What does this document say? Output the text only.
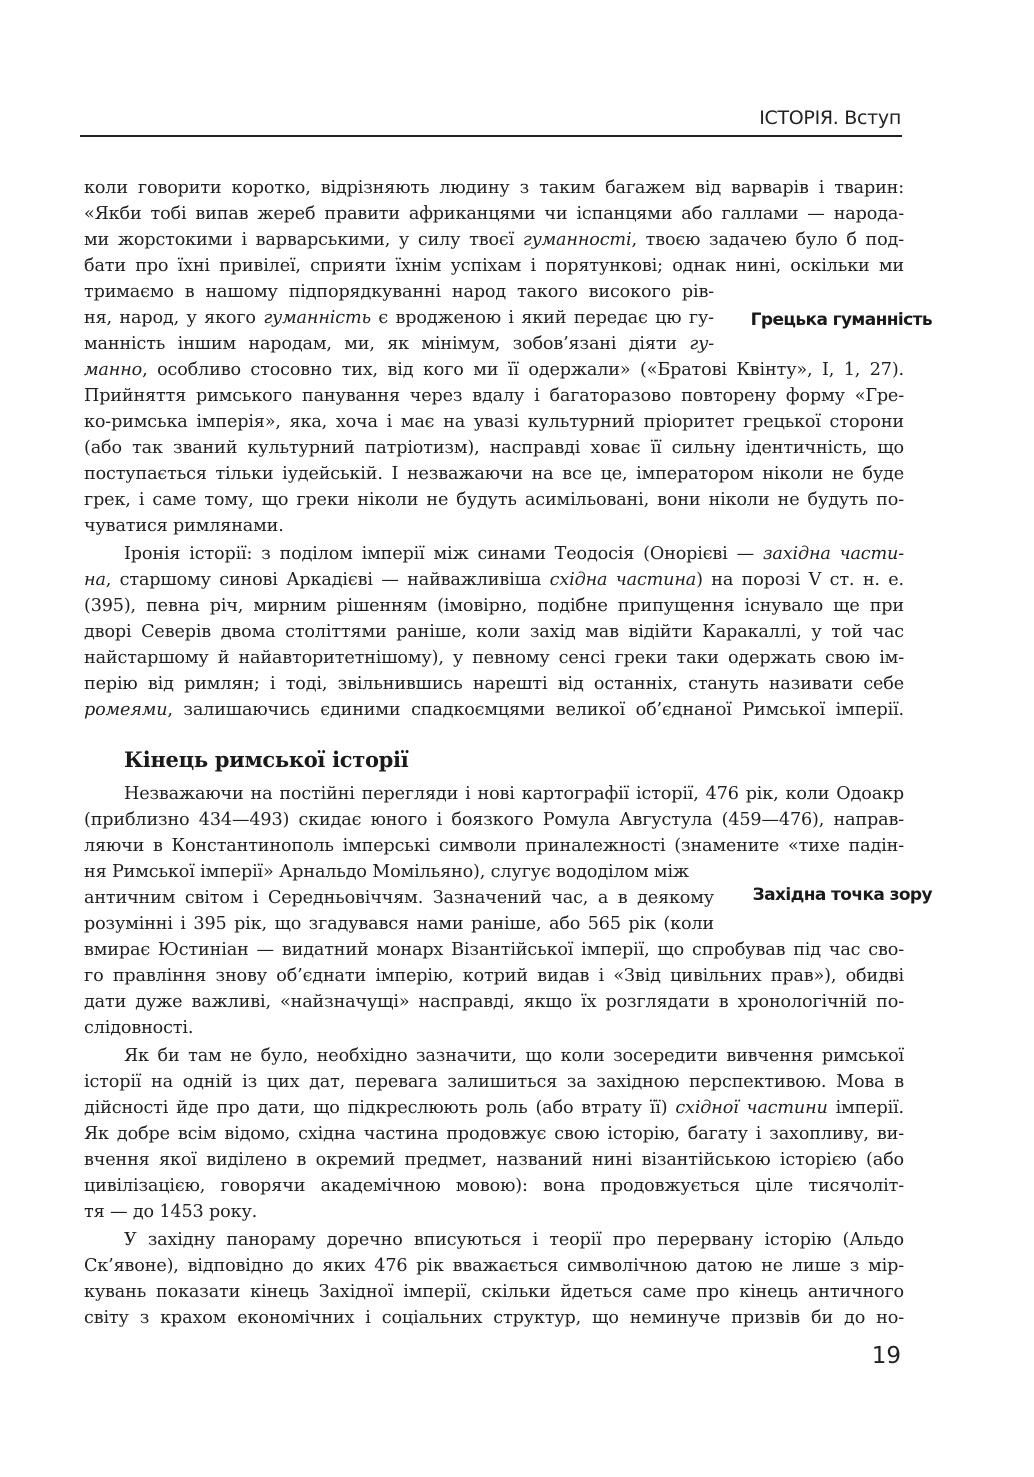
ІСТОРІЯ. Вступ
коли говорити коротко, відрізняють людину з таким багажем від варварів і тварин:
«Якби тобі випав жереб правити африканцями чи іспанцями або галлами — народа-
ми жорстокими і варварськими, у силу твоєї гуманності, твоєю задачею було б под-
бати про їхні привілеї, сприяти їхнім успіхам і порятункові; однак нині, оскільки ми
тримаємо в нашому підпорядкуванні народ такого високого рів-
ня, народ, у якого гуманність є вродженою і який передає цю гу-
манність іншим народам, ми, як мінімум, зобов’язані діяти гу-
манно, особливо стосовно тих, від кого ми її одержали» («Братові Квінту», І, 1, 27).
Прийняття римського панування через вдалу і багаторазово повторену форму «Гре-
ко-римська імперія», яка, хоча і має на увазі культурний пріоритет грецької сторони
(або так званий культурний патріотизм), насправді ховає її сильну ідентичність, що
поступається тільки іудейській. І незважаючи на все це, імператором ніколи не буде
грек, і саме тому, що греки ніколи не будуть асимільовані, вони ніколи не будуть по-
чуватися римлянами.
Грецька гуманність
Іронія історії: з поділом імперії між синами Теодосія (Онорієві — західна части-
на, старшому синові Аркадієві — найважливіша східна частина) на порозі V ст. н. е.
(395), певна річ, мирним рішенням (імовірно, подібне припущення існувало ще при
дворі Северів двома століттями раніше, коли захід мав відійти Каракаллі, у той час
найстаршому й найавторитетнішому), у певному сенсі греки таки одержать свою ім-
перію від римлян; і тоді, звільнившись нарешті від останніх, стануть називати себе
ромеями, залишаючись єдиними спадкоємцями великої об’єднаної Римської імперії.
Кінець римської історії
Незважаючи на постійні перегляди і нові картографії історії, 476 рік, коли Одоакр
(приблизно 434—493) скидає юного і боязкого Ромула Августула (459—476), направ-
ляючи в Константинополь імперські символи приналежності (знамените «тихе падін-
ня Римської імперії» Арнальдо Момільяно), слугує вододілом між
античним світом і Середньовіччям. Зазначений час, а в деякому
розумінні і 395 рік, що згадувався нами раніше, або 565 рік (коли
вмирає Юстиніан — видатний монарх Візантійської імперії, що спробував під час сво-
го правління знову об’єднати імперію, котрий видав і «Звід цивільних прав»), обидві
дати дуже важливі, «найзначущі» насправді, якщо їх розглядати в хронологічній по-
слідовності.
Західна точка зору
Як би там не було, необхідно зазначити, що коли зосередити вивчення римської
історії на одній із цих дат, перевага залишиться за західною перспективою. Мова в
дійсності йде про дати, що підкреслюють роль (або втрату її) східної частини імперії.
Як добре всім відомо, східна частина продовжує свою історію, багату і захопливу, ви-
вчення якої виділено в окремий предмет, названий нині візантійською історією (або
цивілізацією, говорячи академічною мовою): вона продовжується ціле тисячоліт-
тя — до 1453 року.
У західну панораму доречно вписуються і теорії про перервану історію (Альдо
Ск’явоне), відповідно до яких 476 рік вважається символічною датою не лише з мір-
кувань показати кінець Західної імперії, скільки йдеться саме про кінець античного
світу з крахом економічних і соціальних структур, що неминуче призвів би до но-
19
